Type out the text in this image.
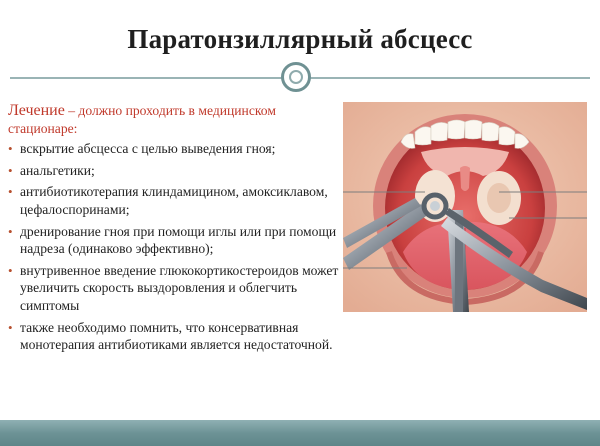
Паратонзиллярный абсцесс
Лечение – должно проходить в медицинском
стационаре:
• вскрытие абсцесса с целью выведения гноя;
• анальгетики;
• антибиотикотерапия клиндамицином, амоксиклавом, цефалоспоринами;
• дренирование гноя при помощи иглы или при помощи надреза (одинаково эффективно);
• внутривенное введение глюкокортикостероидов может увеличить скорость выздоровления и облегчить симптомы
• также необходимо помнить, что консервативная монотерапия антибиотиками является недостаточной.
